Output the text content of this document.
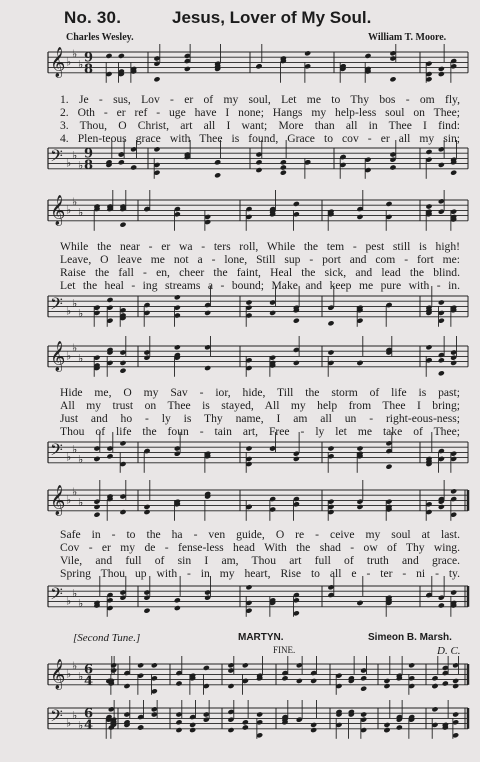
No. 30.	Jesus, Lover of My Soul.
Charles Wesley.	William T. Moore.
𝄞 ♭
♭
♭ 9
8
1. Je - sus, Lov - er of my soul, Let me to Thy bos - om fly,
2. Oth - er ref - uge have I none; Hangs my help-less soul on Thee;
3. Thou, O Christ, art all I want; More than all in Thee I find:
4. Plen-teous grace with Thee is found, Grace to cov - er all my sin;
𝄢 ♭
♭
♭
9
8
𝄞 ♭
♭
♭
While the near - er wa - ters roll, While the tem - pest still is high!
Leave, O leave me not a - lone, Still sup - port and com - fort me:
Raise the fall - en, cheer the faint, Heal the sick, and lead the blind.
Let the heal - ing streams a - bound; Make and keep me pure with - in.
𝄢 ♭
♭
♭
𝄞 ♭
♭
♭
Hide me, O my Sav - ior, hide, Till the storm of life is past;
All my trust on Thee is stayed, All my help from Thee I bring;
Just and ho - ly is Thy name, I am all un - right-eous-ness;
Thou of life the foun - tain art, Free - ly let me take of Thee;
𝄢 ♭
♭
♭
𝄞 ♭
♭
♭
Safe in - to the ha - ven guide, O re - ceive my soul at last.
Cov - er my de - fense-less head With the shad - ow of Thy wing.
Vile, and full of sin I am, Thou art full of truth and grace.
Spring Thou up with - in my heart, Rise to all e - ter - ni - ty.
𝄢 ♭
♭
♭
[Second Tune.]	MARTYN.	Simeon B. Marsh.
FINE.	D. C.
𝄞 ♭
♭
♭ 6
4
𝄢 ♭
♭
♭
6
4
